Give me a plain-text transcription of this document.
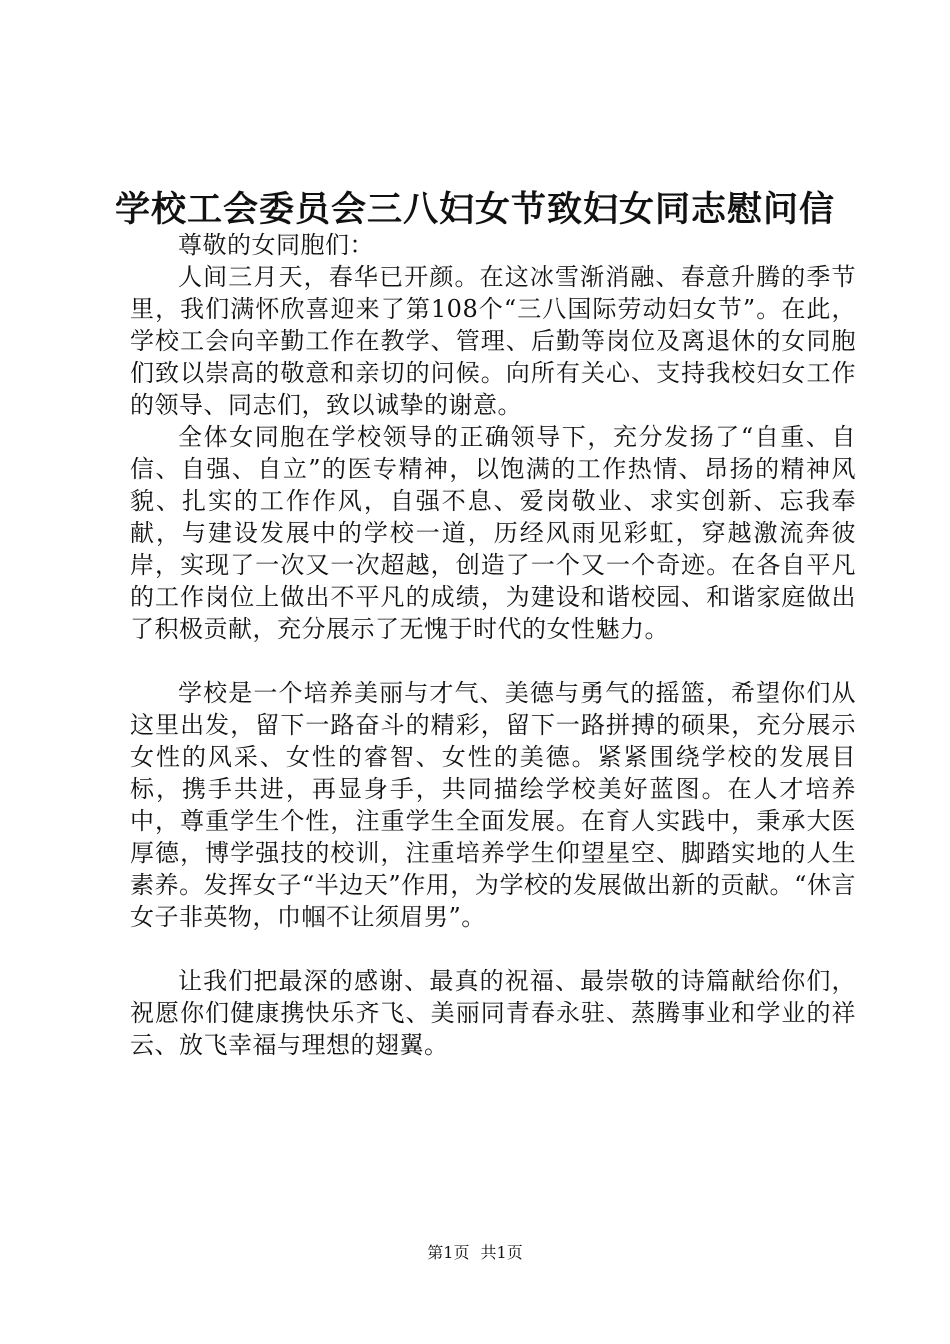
学校工会委员会三八妇女节致妇女同志慰问信

尊敬的女同胞们：

人间三月天，春华已开颜。在这冰雪渐消融、春意升腾的季节里，我们满怀欣喜迎来了第108个“三八国际劳动妇女节”。在此，学校工会向辛勤工作在教学、管理、后勤等岗位及离退休的女同胞们致以崇高的敬意和亲切的问候。向所有关心、支持我校妇女工作的领导、同志们，致以诚挚的谢意。

全体女同胞在学校领导的正确领导下，充分发扬了“自重、自信、自强、自立”的医专精神，以饱满的工作热情、昂扬的精神风貌、扎实的工作作风，自强不息、爱岗敬业、求实创新、忘我奉献，与建设发展中的学校一道，历经风雨见彩虹，穿越激流奔彼岸，实现了一次又一次超越，创造了一个又一个奇迹。在各自平凡的工作岗位上做出不平凡的成绩，为建设和谐校园、和谐家庭做出了积极贡献，充分展示了无愧于时代的女性魅力。

学校是一个培养美丽与才气、美德与勇气的摇篮，希望你们从这里出发，留下一路奋斗的精彩，留下一路拼搏的硕果，充分展示女性的风采、女性的睿智、女性的美德。紧紧围绕学校的发展目标，携手共进，再显身手，共同描绘学校美好蓝图。在人才培养中，尊重学生个性，注重学生全面发展。在育人实践中，秉承大医厚德，博学强技的校训，注重培养学生仰望星空、脚踏实地的人生素养。发挥女子“半边天”作用，为学校的发展做出新的贡献。“休言女子非英物，巾帼不让须眉男”。

让我们把最深的感谢、最真的祝福、最崇敬的诗篇献给你们，祝愿你们健康携快乐齐飞、美丽同青春永驻、蒸腾事业和学业的祥云、放飞幸福与理想的翅翼。

第1页 共1页
